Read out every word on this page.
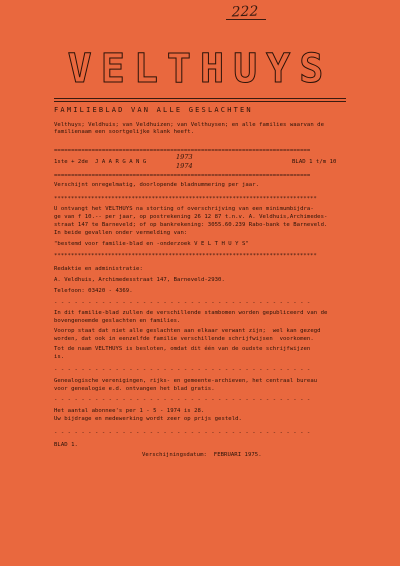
222
VELTHUYS
FAMILIEBLAD VAN ALLE GESLACHTEN
Velthuys; Veldhuis; van Veldhuizen; van Velthuysen; en alle families waarvan de
familienaam een soortgelijke klank heeft.
===========================================================================
1ste + 2de  J A A R G A N G
1973
1974	BLAD 1 t/m 10
===========================================================================
Verschijnt onregelmatig, doorlopende bladnummering per jaar.
******************************************************************************
U ontvangt het VELTHUYS na storting of overschrijving van een minimumbijdra-
ge van f 10.-- per jaar, op postrekening 26 12 87 t.n.v. A. Veldhuis,Archimedes-
straat 147 te Barneveld; of op bankrekening: 3055.60.239 Rabo-bank te Barneveld.
In beide gevallen onder vermelding van:
"bestemd voor familie-blad en -onderzoek V E L T H U Y S"
******************************************************************************
Redaktie en administratie:
A. Veldhuis, Archimedesstraat 147, Barneveld-2930.
Telefoon: 03420 - 4369.
- - - - - - - - - - - - - - - - - - - - - - - - - - - - - - - - - - - - - -
In dit familie-blad zullen de verschillende stambomen worden gepubliceerd van de
bovengenoemde geslachten en families.
Voorop staat dat niet alle geslachten aan elkaar verwant zijn;  wel kan gezegd
worden, dat ook in eenzelfde familie verschillende schrijfwijsen  voorkomen.
Tot de naam VELTHUYS is besloten, omdat dit één van de oudste schrijfwijzen
is.
- - - - - - - - - - - - - - - - - - - - - - - - - - - - - - - - - - - - - -
Genealogische verenigingen, rijks- en gemeente-archieven, het centraal bureau
voor genealogie e.d. ontvangen het blad gratis.
- - - - - - - - - - - - - - - - - - - - - - - - - - - - - - - - - - - - - -
Het aantal abonnee's per 1 - 5 - 1974 is 28.
Uw bijdrage en medewerking wordt zeer op prijs gesteld.
- - - - - - - - - - - - - - - - - - - - - - - - - - - - - - - - - - - - - -
BLAD 1.
Verschijningsdatum:  FEBRUARI 1975.
